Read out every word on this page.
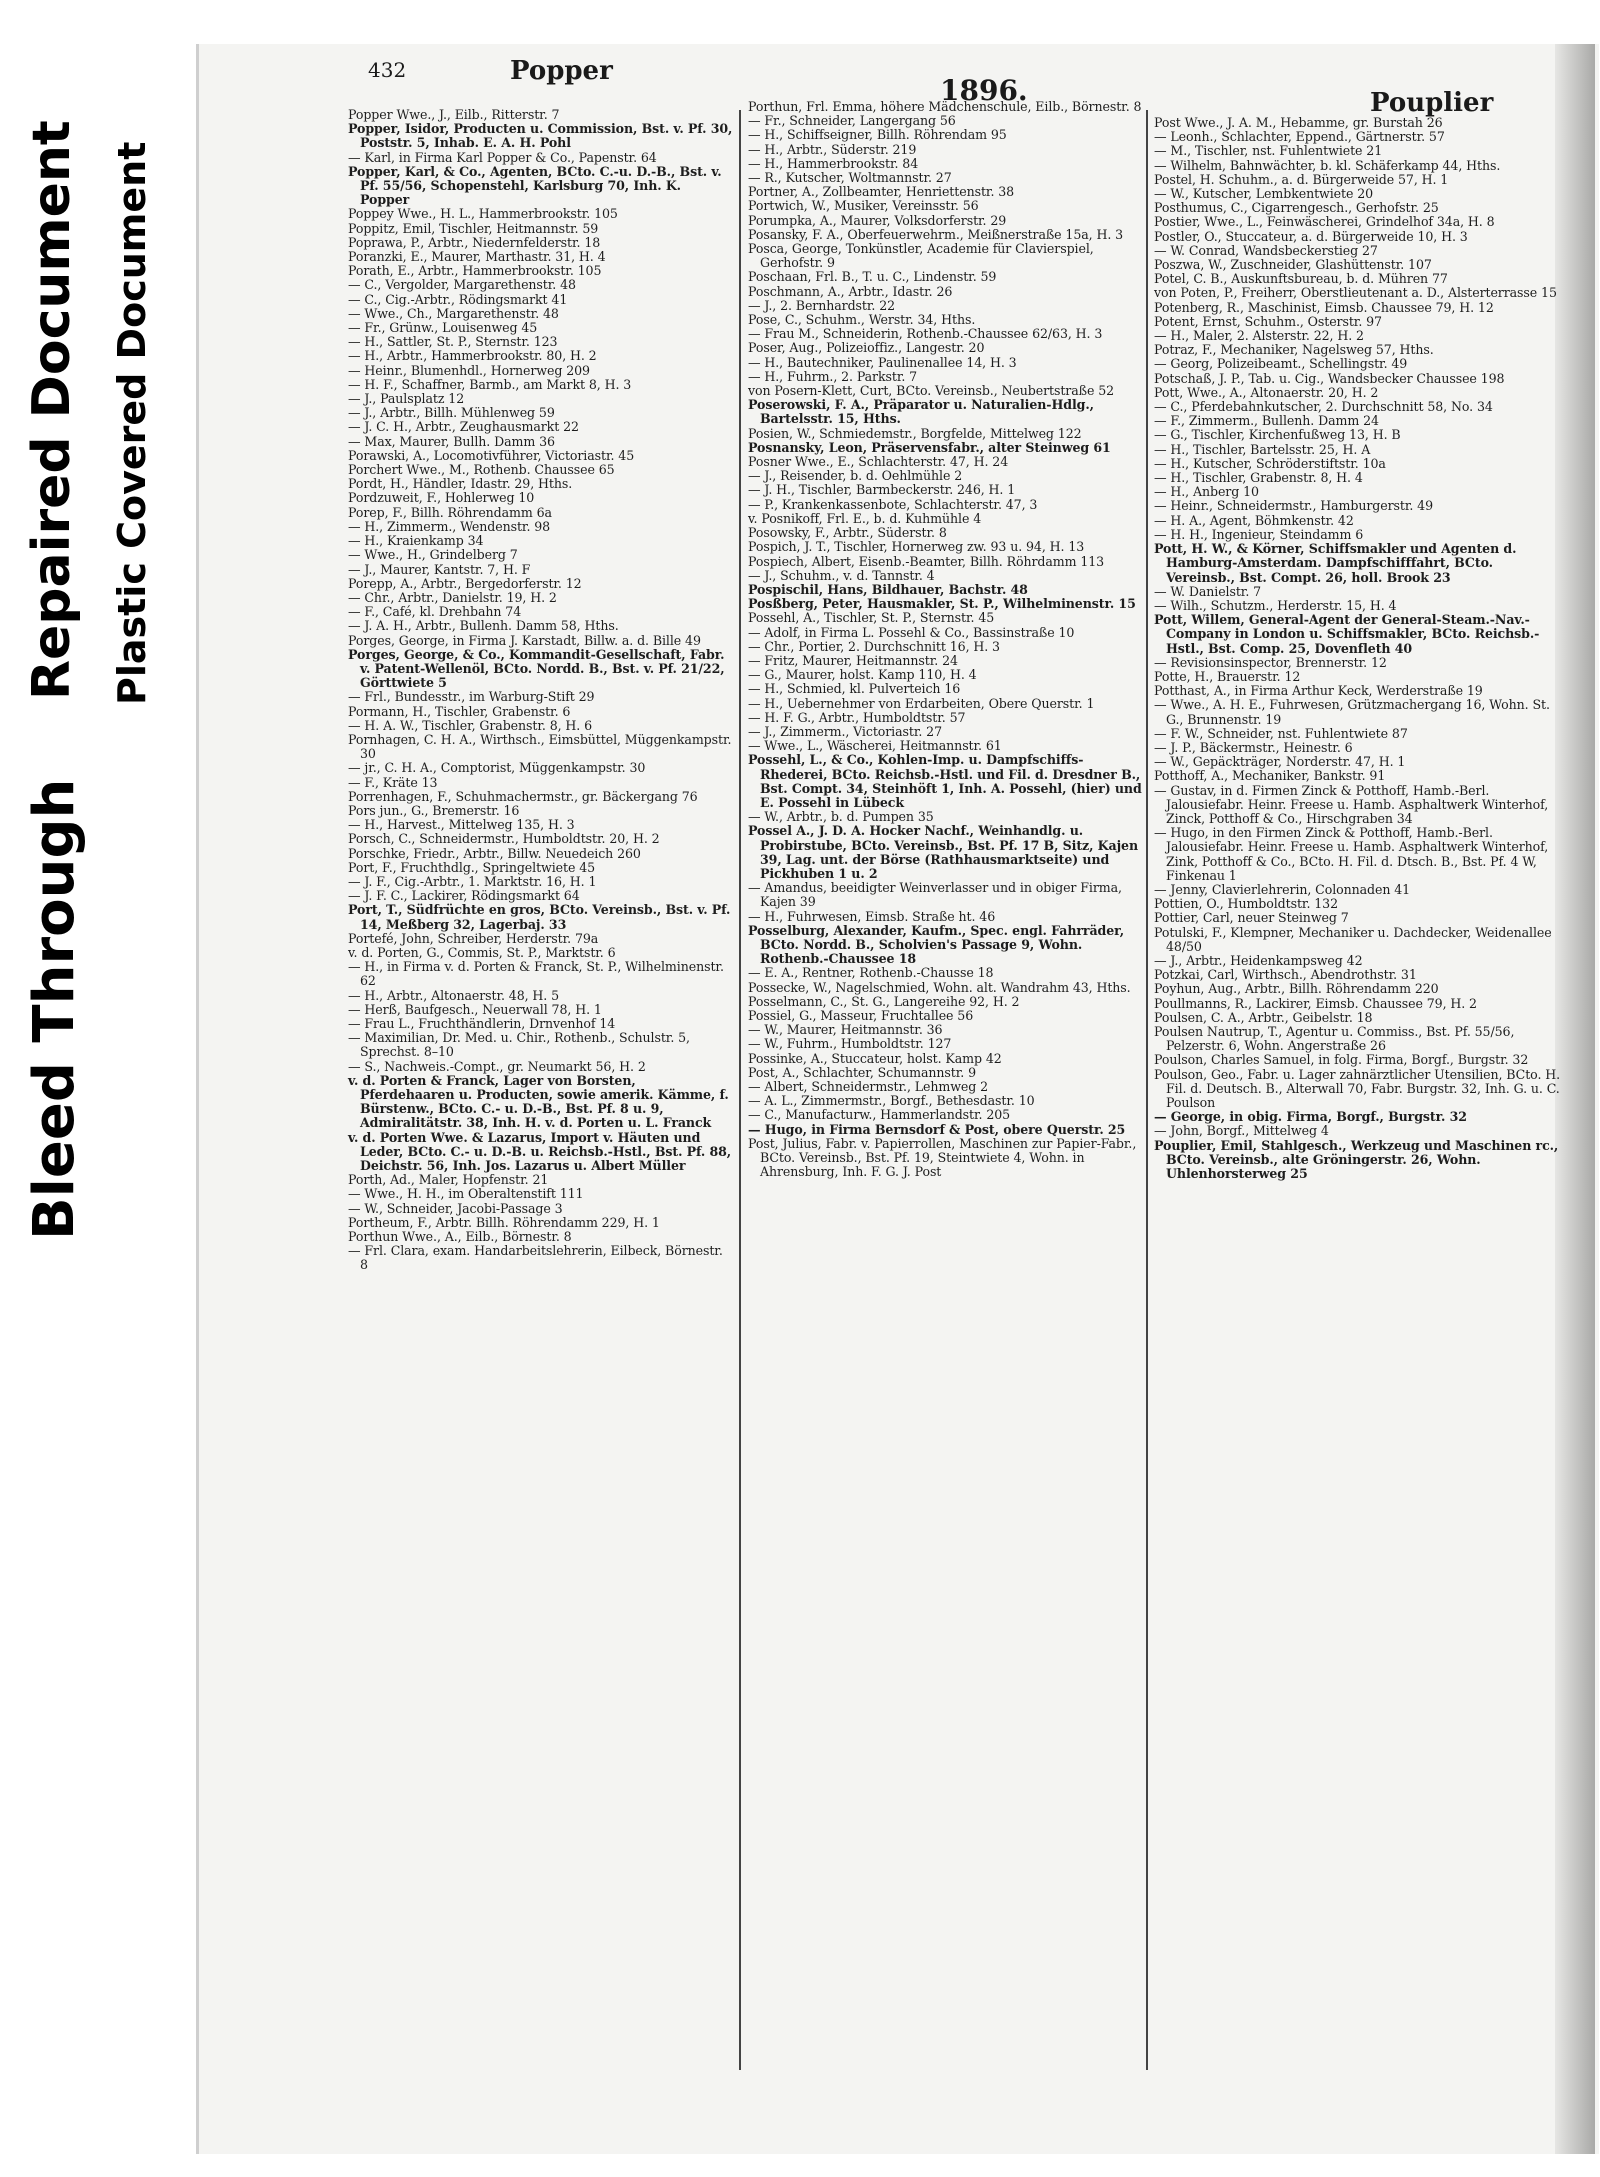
Bleed Through
Repaired Document Plastic Covered Document
432	Popper
1896.	Pouplier

Popper Wwe., J., Eilb., Ritterstr. 7

Popper, Isidor, Producten u. Commission, Bst. v. Pf. 30, Poststr. 5, Inhab. E. A. H. Pohl

— Karl, in Firma Karl Popper & Co., Papenstr. 64

Popper, Karl, & Co., Agenten, BCto. C.-u. D.-B., Bst. v. Pf. 55/56, Schopenstehl, Karlsburg 70, Inh. K. Popper

Poppey Wwe., H. L., Hammerbrookstr. 105

Poppitz, Emil, Tischler, Heitmannstr. 59

Poprawa, P., Arbtr., Niedernfelderstr. 18

Poranzki, E., Maurer, Marthastr. 31, H. 4

Porath, E., Arbtr., Hammerbrookstr. 105

— C., Vergolder, Margarethenstr. 48

— C., Cig.-Arbtr., Rödingsmarkt 41

— Wwe., Ch., Margarethenstr. 48

— Fr., Grünw., Louisenweg 45

— H., Sattler, St. P., Sternstr. 123

— H., Arbtr., Hammerbrookstr. 80, H. 2

— Heinr., Blumenhdl., Hornerweg 209

— H. F., Schaffner, Barmb., am Markt 8, H. 3

— J., Paulsplatz 12

— J., Arbtr., Billh. Mühlenweg 59

— J. C. H., Arbtr., Zeughausmarkt 22

— Max, Maurer, Bullh. Damm 36

Porawski, A., Locomotivführer, Victoriastr. 45

Porchert Wwe., M., Rothenb. Chaussee 65

Pordt, H., Händler, Idastr. 29, Hths.

Pordzuweit, F., Hohlerweg 10

Porep, F., Billh. Röhrendamm 6a

— H., Zimmerm., Wendenstr. 98

— H., Kraienkamp 34

— Wwe., H., Grindelberg 7

— J., Maurer, Kantstr. 7, H. F

Porepp, A., Arbtr., Bergedorferstr. 12

— Chr., Arbtr., Danielstr. 19, H. 2

— F., Café, kl. Drehbahn 74

— J. A. H., Arbtr., Bullenh. Damm 58, Hths.

Porges, George, in Firma J. Karstadt, Billw. a. d. Bille 49

Porges, George, & Co., Kommandit-Gesellschaft, Fabr. v. Patent-Wellenöl, BCto. Nordd. B., Bst. v. Pf. 21/22, Görttwiete 5

— Frl., Bundesstr., im Warburg-Stift 29

Pormann, H., Tischler, Grabenstr. 6

— H. A. W., Tischler, Grabenstr. 8, H. 6

Pornhagen, C. H. A., Wirthsch., Eimsbüttel, Müggenkampstr. 30

— jr., C. H. A., Comptorist, Müggenkampstr. 30

— F., Kräte 13

Porrenhagen, F., Schuhmachermstr., gr. Bäckergang 76

Pors jun., G., Bremerstr. 16

— H., Harvest., Mittelweg 135, H. 3

Porsch, C., Schneidermstr., Humboldtstr. 20, H. 2

Porschke, Friedr., Arbtr., Billw. Neuedeich 260

Port, F., Fruchthdlg., Springeltwiete 45

— J. F., Cig.-Arbtr., 1. Marktstr. 16, H. 1

— J. F. C., Lackirer, Rödingsmarkt 64

Port, T., Südfrüchte en gros, BCto. Vereinsb., Bst. v. Pf. 14, Meßberg 32, Lagerbaj. 33

Portefé, John, Schreiber, Herderstr. 79a

v. d. Porten, G., Commis, St. P., Marktstr. 6

— H., in Firma v. d. Porten & Franck, St. P., Wilhelminenstr. 62

— H., Arbtr., Altonaerstr. 48, H. 5

— Herß, Baufgesch., Neuerwall 78, H. 1

— Frau L., Fruchthändlerin, Drnvenhof 14

— Maximilian, Dr. Med. u. Chir., Rothenb., Schulstr. 5, Sprechst. 8–10

— S., Nachweis.-Compt., gr. Neumarkt 56, H. 2

v. d. Porten & Franck, Lager von Borsten, Pferdehaaren u. Producten, sowie amerik. Kämme, f. Bürstenw., BCto. C.- u. D.-B., Bst. Pf. 8 u. 9, Admiralitätstr. 38, Inh. H. v. d. Porten u. L. Franck

v. d. Porten Wwe. & Lazarus, Import v. Häuten und Leder, BCto. C.- u. D.-B. u. Reichsb.-Hstl., Bst. Pf. 88, Deichstr. 56, Inh. Jos. Lazarus u. Albert Müller

Porth, Ad., Maler, Hopfenstr. 21

— Wwe., H. H., im Oberaltenstift 111

— W., Schneider, Jacobi-Passage 3

Portheum, F., Arbtr. Billh. Röhrendamm 229, H. 1

Porthun Wwe., A., Eilb., Börnestr. 8

— Frl. Clara, exam. Handarbeitslehrerin, Eilbeck, Börnestr. 8

Porthun, Frl. Emma, höhere Mädchenschule, Eilb., Börnestr. 8

— Fr., Schneider, Langergang 56

— H., Schiffseigner, Billh. Röhrendam 95

— H., Arbtr., Süderstr. 219

— H., Hammerbrookstr. 84

— R., Kutscher, Woltmannstr. 27

Portner, A., Zollbeamter, Henriettenstr. 38

Portwich, W., Musiker, Vereinsstr. 56

Porumpka, A., Maurer, Volksdorferstr. 29

Posansky, F. A., Oberfeuerwehrm., Meißnerstraße 15a, H. 3

Posca, George, Tonkünstler, Academie für Clavierspiel, Gerhofstr. 9

Poschaan, Frl. B., T. u. C., Lindenstr. 59

Poschmann, A., Arbtr., Idastr. 26

— J., 2. Bernhardstr. 22

Pose, C., Schuhm., Werstr. 34, Hths.

— Frau M., Schneiderin, Rothenb.-Chaussee 62/63, H. 3

Poser, Aug., Polizeioffiz., Langestr. 20

— H., Bautechniker, Paulinenallee 14, H. 3

— H., Fuhrm., 2. Parkstr. 7

von Posern-Klett, Curt, BCto. Vereinsb., Neubertstraße 52

Poserowski, F. A., Präparator u. Naturalien-Hdlg., Bartelsstr. 15, Hths.

Posien, W., Schmiedemstr., Borgfelde, Mittelweg 122

Posnansky, Leon, Präservensfabr., alter Steinweg 61

Posner Wwe., E., Schlachterstr. 47, H. 24

— J., Reisender, b. d. Oehlmühle 2

— J. H., Tischler, Barmbeckerstr. 246, H. 1

— P., Krankenkassenbote, Schlachterstr. 47, 3

v. Posnikoff, Frl. E., b. d. Kuhmühle 4

Posowsky, F., Arbtr., Süderstr. 8

Pospich, J. T., Tischler, Hornerweg zw. 93 u. 94, H. 13

Pospiech, Albert, Eisenb.-Beamter, Billh. Röhrdamm 113

— J., Schuhm., v. d. Tannstr. 4

Pospischil, Hans, Bildhauer, Bachstr. 48

Posßberg, Peter, Hausmakler, St. P., Wilhelminenstr. 15

Possehl, A., Tischler, St. P., Sternstr. 45

— Adolf, in Firma L. Possehl & Co., Bassinstraße 10

— Chr., Portier, 2. Durchschnitt 16, H. 3

— Fritz, Maurer, Heitmannstr. 24

— G., Maurer, holst. Kamp 110, H. 4

— H., Schmied, kl. Pulverteich 16

— H., Uebernehmer von Erdarbeiten, Obere Querstr. 1

— H. F. G., Arbtr., Humboldtstr. 57

— J., Zimmerm., Victoriastr. 27

— Wwe., L., Wäscherei, Heitmannstr. 61

Possehl, L., & Co., Kohlen-Imp. u. Dampfschiffs-Rhederei, BCto. Reichsb.-Hstl. und Fil. d. Dresdner B., Bst. Compt. 34, Steinhöft 1, Inh. A. Possehl, (hier) und E. Possehl in Lübeck

— W., Arbtr., b. d. Pumpen 35

Possel A., J. D. A. Hocker Nachf., Weinhandlg. u. Probirstube, BCto. Vereinsb., Bst. Pf. 17 B, Sitz, Kajen 39, Lag. unt. der Börse (Rathhausmarktseite) und Pickhuben 1 u. 2

— Amandus, beeidigter Weinverlasser und in obiger Firma, Kajen 39

— H., Fuhrwesen, Eimsb. Straße ht. 46

Posselburg, Alexander, Kaufm., Spec. engl. Fahrräder, BCto. Nordd. B., Scholvien's Passage 9, Wohn. Rothenb.-Chaussee 18

— E. A., Rentner, Rothenb.-Chausse 18

Possecke, W., Nagelschmied, Wohn. alt. Wandrahm 43, Hths.

Posselmann, C., St. G., Langereihe 92, H. 2

Possiel, G., Masseur, Fruchtallee 56

— W., Maurer, Heitmannstr. 36

— W., Fuhrm., Humboldtstr. 127

Possinke, A., Stuccateur, holst. Kamp 42

Post, A., Schlachter, Schumannstr. 9

— Albert, Schneidermstr., Lehmweg 2

— A. L., Zimmermstr., Borgf., Bethesdastr. 10

— C., Manufacturw., Hammerlandstr. 205

— Hugo, in Firma Bernsdorf & Post, obere Querstr. 25

Post, Julius, Fabr. v. Papierrollen, Maschinen zur Papier-Fabr., BCto. Vereinsb., Bst. Pf. 19, Steintwiete 4, Wohn. in Ahrensburg, Inh. F. G. J. Post

Post Wwe., J. A. M., Hebamme, gr. Burstah 26

— Leonh., Schlachter, Eppend., Gärtnerstr. 57

— M., Tischler, nst. Fuhlentwiete 21

— Wilhelm, Bahnwächter, b. kl. Schäferkamp 44, Hths.

Postel, H. Schuhm., a. d. Bürgerweide 57, H. 1

— W., Kutscher, Lembkentwiete 20

Posthumus, C., Cigarrengesch., Gerhofstr. 25

Postier, Wwe., L., Feinwäscherei, Grindelhof 34a, H. 8

Postler, O., Stuccateur, a. d. Bürgerweide 10, H. 3

— W. Conrad, Wandsbeckerstieg 27

Poszwa, W., Zuschneider, Glashüttenstr. 107

Potel, C. B., Auskunftsbureau, b. d. Mühren 77

von Poten, P., Freiherr, Oberstlieutenant a. D., Alsterterrasse 15

Potenberg, R., Maschinist, Eimsb. Chaussee 79, H. 12

Potent, Ernst, Schuhm., Osterstr. 97

— H., Maler, 2. Alsterstr. 22, H. 2

Potraz, F., Mechaniker, Nagelsweg 57, Hths.

— Georg, Polizeibeamt., Schellingstr. 49

Potschaß, J. P., Tab. u. Cig., Wandsbecker Chaussee 198

Pott, Wwe., A., Altonaerstr. 20, H. 2

— C., Pferdebahnkutscher, 2. Durchschnitt 58, No. 34

— F., Zimmerm., Bullenh. Damm 24

— G., Tischler, Kirchenfußweg 13, H. B

— H., Tischler, Bartelsstr. 25, H. A

— H., Kutscher, Schröderstiftstr. 10a

— H., Tischler, Grabenstr. 8, H. 4

— H., Anberg 10

— Heinr., Schneidermstr., Hamburgerstr. 49

— H. A., Agent, Böhmkenstr. 42

— H. H., Ingenieur, Steindamm 6

Pott, H. W., & Körner, Schiffsmakler und Agenten d. Hamburg-Amsterdam. Dampfschifffahrt, BCto. Vereinsb., Bst. Compt. 26, holl. Brook 23

— W. Danielstr. 7

— Wilh., Schutzm., Herderstr. 15, H. 4

Pott, Willem, General-Agent der General-Steam.-Nav.-Company in London u. Schiffsmakler, BCto. Reichsb.-Hstl., Bst. Comp. 25, Dovenfleth 40

— Revisionsinspector, Brennerstr. 12

Potte, H., Brauerstr. 12

Potthast, A., in Firma Arthur Keck, Werderstraße 19

— Wwe., A. H. E., Fuhrwesen, Grützmachergang 16, Wohn. St. G., Brunnenstr. 19

— F. W., Schneider, nst. Fuhlentwiete 87

— J. P., Bäckermstr., Heinestr. 6

— W., Gepäckträger, Norderstr. 47, H. 1

Potthoff, A., Mechaniker, Bankstr. 91

— Gustav, in d. Firmen Zinck & Potthoff, Hamb.-Berl. Jalousiefabr. Heinr. Freese u. Hamb. Asphaltwerk Winterhof, Zinck, Potthoff & Co., Hirschgraben 34

— Hugo, in den Firmen Zinck & Potthoff, Hamb.-Berl. Jalousiefabr. Heinr. Freese u. Hamb. Asphaltwerk Winterhof, Zink, Potthoff & Co., BCto. H. Fil. d. Dtsch. B., Bst. Pf. 4 W, Finkenau 1

— Jenny, Clavierlehrerin, Colonnaden 41

Pottien, O., Humboldtstr. 132

Pottier, Carl, neuer Steinweg 7

Potulski, F., Klempner, Mechaniker u. Dachdecker, Weidenallee 48/50

— J., Arbtr., Heidenkampsweg 42

Potzkai, Carl, Wirthsch., Abendrothstr. 31

Poyhun, Aug., Arbtr., Billh. Röhrendamm 220

Poullmanns, R., Lackirer, Eimsb. Chaussee 79, H. 2

Poulsen, C. A., Arbtr., Geibelstr. 18

Poulsen Nautrup, T., Agentur u. Commiss., Bst. Pf. 55/56, Pelzerstr. 6, Wohn. Angerstraße 26

Poulson, Charles Samuel, in folg. Firma, Borgf., Burgstr. 32

Poulson, Geo., Fabr. u. Lager zahnärztlicher Utensilien, BCto. H. Fil. d. Deutsch. B., Alterwall 70, Fabr. Burgstr. 32, Inh. G. u. C. Poulson

— George, in obig. Firma, Borgf., Burgstr. 32

— John, Borgf., Mittelweg 4

Pouplier, Emil, Stahlgesch., Werkzeug und Maschinen rc., BCto. Vereinsb., alte Gröningerstr. 26, Wohn. Uhlenhorsterweg 25
